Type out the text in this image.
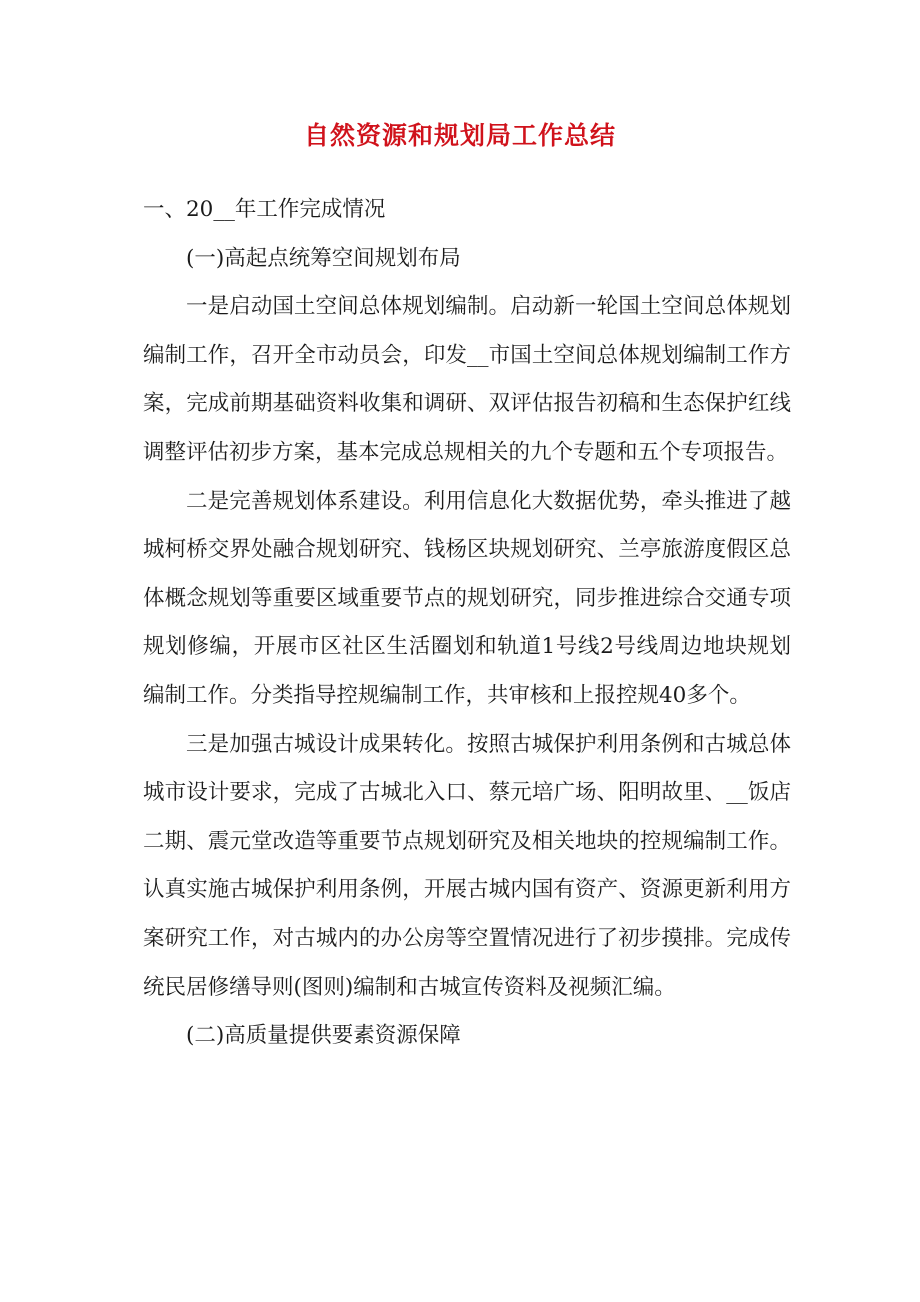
自然资源和规划局工作总结

一、20__年工作完成情况

(一)高起点统筹空间规划布局

一是启动国土空间总体规划编制。启动新一轮国土空间总体规划编制工作，召开全市动员会，印发__市国土空间总体规划编制工作方案，完成前期基础资料收集和调研、双评估报告初稿和生态保护红线调整评估初步方案，基本完成总规相关的九个专题和五个专项报告。

二是完善规划体系建设。利用信息化大数据优势，牵头推进了越城柯桥交界处融合规划研究、钱杨区块规划研究、兰亭旅游度假区总体概念规划等重要区域重要节点的规划研究，同步推进综合交通专项规划修编，开展市区社区生活圈划和轨道1号线2号线周边地块规划编制工作。分类指导控规编制工作，共审核和上报控规40多个。

三是加强古城设计成果转化。按照古城保护利用条例和古城总体城市设计要求，完成了古城北入口、蔡元培广场、阳明故里、__饭店二期、震元堂改造等重要节点规划研究及相关地块的控规编制工作。认真实施古城保护利用条例，开展古城内国有资产、资源更新利用方案研究工作，对古城内的办公房等空置情况进行了初步摸排。完成传统民居修缮导则(图则)编制和古城宣传资料及视频汇编。

(二)高质量提供要素资源保障
